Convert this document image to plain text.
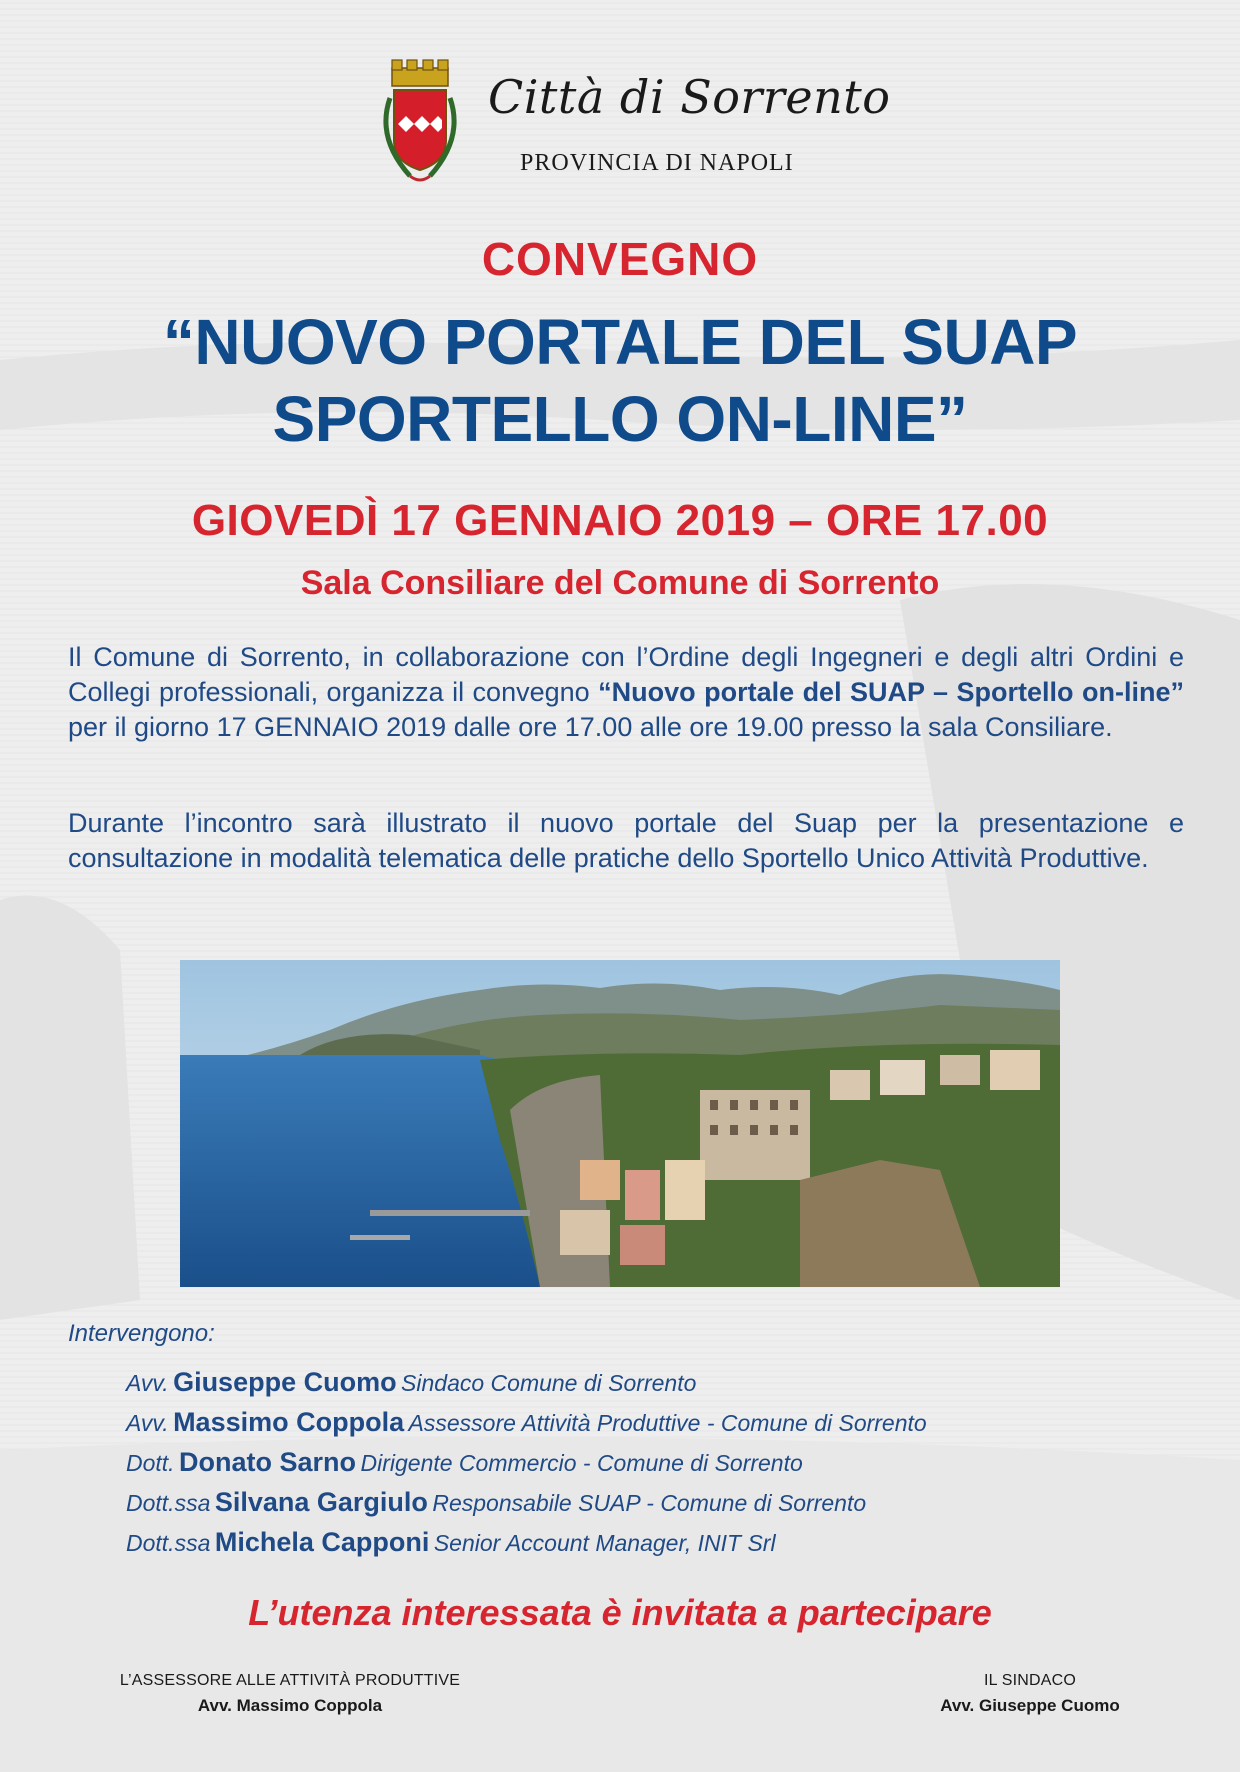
Città di Sorrento
PROVINCIA DI NAPOLI
CONVEGNO
“NUOVO PORTALE DEL SUAP
SPORTELLO ON-LINE”
GIOVEDÌ 17 GENNAIO 2019 – ORE 17.00
Sala Consiliare del Comune di Sorrento
Il Comune di Sorrento, in collaborazione con l’Ordine degli Ingegneri e degli altri Ordini e Collegi professionali, organizza il convegno “Nuovo portale del SUAP – Sportello on-line” per il giorno 17 GENNAIO 2019 dalle ore 17.00 alle ore 19.00 presso la sala Consiliare.
Durante l’incontro sarà illustrato il nuovo portale del Suap per la presentazione e consultazione in modalità telematica delle pratiche dello Sportello Unico Attività Produttive.
Intervengono:
Avv. Giuseppe Cuomo Sindaco Comune di Sorrento
Avv. Massimo Coppola Assessore Attività Produttive - Comune di Sorrento
Dott. Donato Sarno Dirigente Commercio - Comune di Sorrento
Dott.ssa Silvana Gargiulo Responsabile SUAP - Comune di Sorrento
Dott.ssa Michela Capponi Senior Account Manager, INIT Srl
L’utenza interessata è invitata a partecipare
L’ASSESSORE ALLE ATTIVITÀ PRODUTTIVE
Avv. Massimo Coppola
IL SINDACO
Avv. Giuseppe Cuomo
